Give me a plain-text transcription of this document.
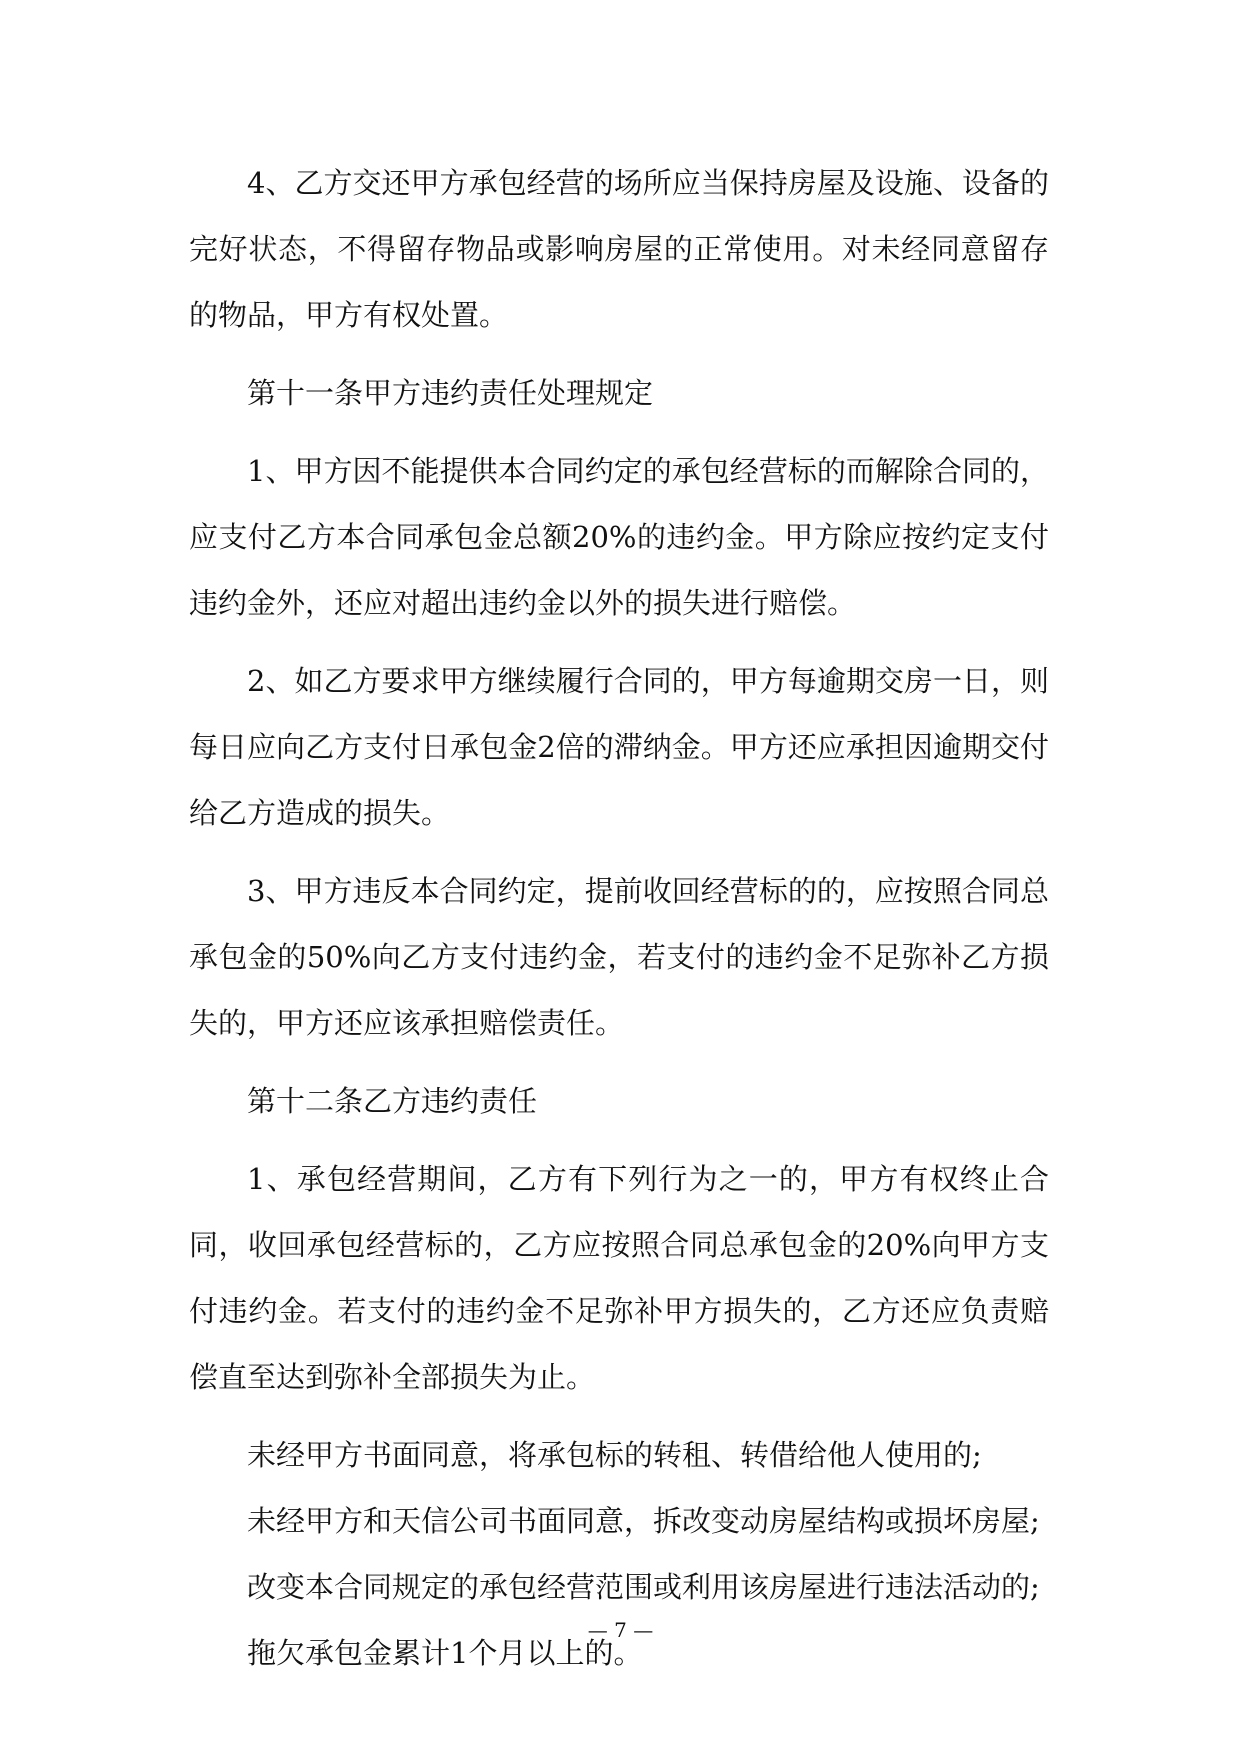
4、乙方交还甲方承包经营的场所应当保持房屋及设施、设备的完好状态，不得留存物品或影响房屋的正常使用。对未经同意留存的物品，甲方有权处置。

第十一条甲方违约责任处理规定

1、甲方因不能提供本合同约定的承包经营标的而解除合同的，应支付乙方本合同承包金总额20%的违约金。甲方除应按约定支付违约金外，还应对超出违约金以外的损失进行赔偿。

2、如乙方要求甲方继续履行合同的，甲方每逾期交房一日，则每日应向乙方支付日承包金2倍的滞纳金。甲方还应承担因逾期交付给乙方造成的损失。

3、甲方违反本合同约定，提前收回经营标的的，应按照合同总承包金的50%向乙方支付违约金，若支付的违约金不足弥补乙方损失的，甲方还应该承担赔偿责任。

第十二条乙方违约责任

1、承包经营期间，乙方有下列行为之一的，甲方有权终止合同，收回承包经营标的，乙方应按照合同总承包金的20%向甲方支付违约金。若支付的违约金不足弥补甲方损失的，乙方还应负责赔偿直至达到弥补全部损失为止。

未经甲方书面同意，将承包标的转租、转借给他人使用的;

未经甲方和天信公司书面同意，拆改变动房屋结构或损坏房屋;

改变本合同规定的承包经营范围或利用该房屋进行违法活动的;

拖欠承包金累计1个月以上的。

— 7 —
